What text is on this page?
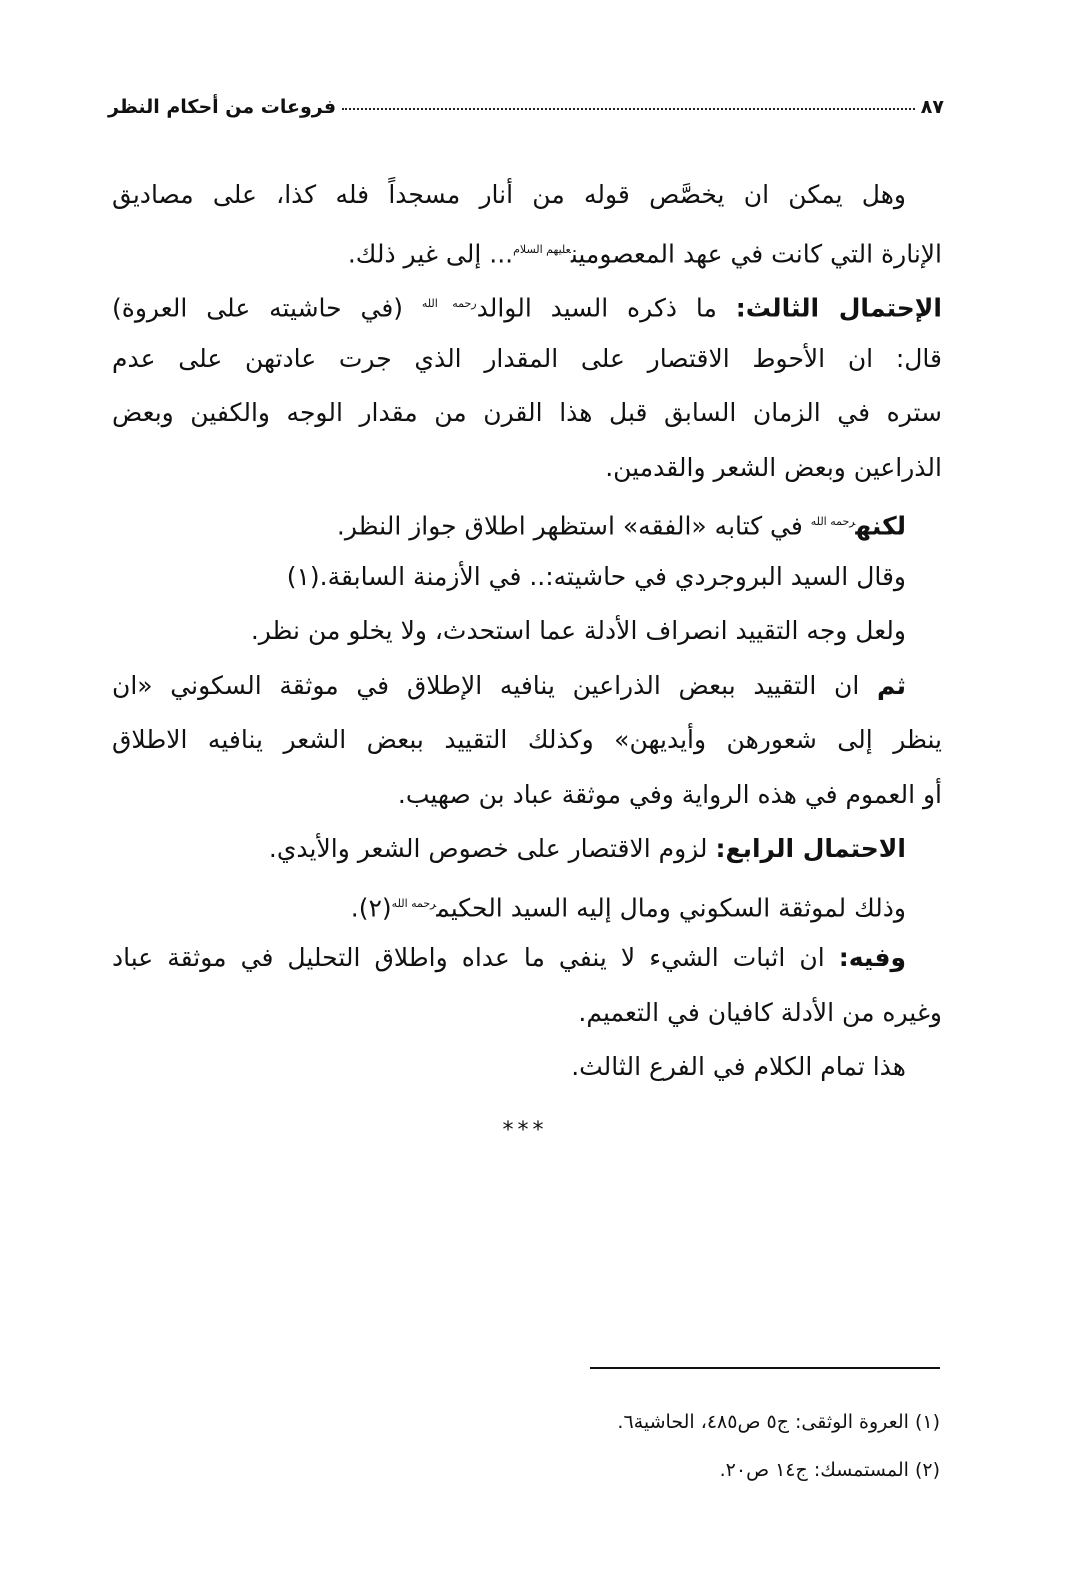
٨٧
فروعات من أحكام النظر
وهل يمكن ان يخصَّص قوله من أنار مسجداً فله كذا، على مصاديق
الإنارة التي كانت في عهد المعصومين$^{عليهم السلام}$... إلى غير ذلك.
الإحتمال الثالث: ما ذكره السيد الوالد$^{رحمه الله}$ (في حاشيته على العروة)
قال: ان الأحوط الاقتصار على المقدار الذي جرت عادتهن على عدم
ستره في الزمان السابق قبل هذا القرن من مقدار الوجه والكفين وبعض
الذراعين وبعض الشعر والقدمين.
لكنه$^{رحمه الله}$ في كتابه «الفقه» استظهر اطلاق جواز النظر.
وقال السيد البروجردي في حاشيته:.. في الأزمنة السابقة.(١)
ولعل وجه التقييد انصراف الأدلة عما استحدث، ولا يخلو من نظر.
ثم ان التقييد ببعض الذراعين ينافيه الإطلاق في موثقة السكوني «ان
ينظر إلى شعورهن وأيديهن» وكذلك التقييد ببعض الشعر ينافيه الاطلاق
أو العموم في هذه الرواية وفي موثقة عباد بن صهيب.
الاحتمال الرابع: لزوم الاقتصار على خصوص الشعر والأيدي.
وذلك لموثقة السكوني ومال إليه السيد الحكيم$^{رحمه الله}$(٢).
وفيه: ان اثبات الشيء لا ينفي ما عداه واطلاق التحليل في موثقة عباد
وغيره من الأدلة كافيان في التعميم.
هذا تمام الكلام في الفرع الثالث.
***
(١) العروة الوثقى: ج٥ ص٤٨٥، الحاشية٦.
(٢) المستمسك: ج١٤ ص٢٠.
